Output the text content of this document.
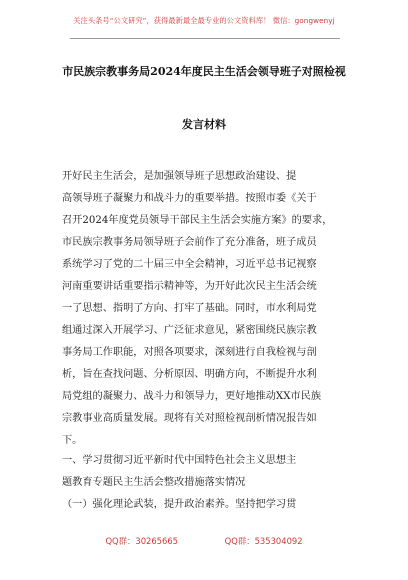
关注头条号“公文研究”，获得最新最全最专业的公文资料库！ 微信：gongwenyj
市民族宗教事务局2024年度民主生活会领导班子对照检视
发言材料
开好民主生活会，是加强领导班子思想政治建设、提
高领导班子凝聚力和战斗力的重要举措。按照市委《关于
召开2024年度党员领导干部民主生活会实施方案》的要求，
市民族宗教事务局领导班子会前作了充分准备，班子成员
系统学习了党的二十届三中全会精神，习近平总书记视察
河南重要讲话重要指示精神等，为开好此次民主生活会统
一了思想、指明了方向、打牢了基础。同时，市水利局党
组通过深入开展学习、广泛征求意见，紧密围绕民族宗教
事务局工作职能，对照各项要求，深刻进行自我检视与剖
析，旨在查找问题、分析原因、明确方向，不断提升水利
局党组的凝聚力、战斗力和领导力，更好地推动XX市民族
宗教事业高质量发展。现将有关对照检视剖析情况报告如
下。
一、学习贯彻习近平新时代中国特色社会主义思想主
题教育专题民主生活会整改措施落实情况
（一）强化理论武装，提升政治素养。坚持把学习贯
QQ群：30265665	QQ群：535304092
